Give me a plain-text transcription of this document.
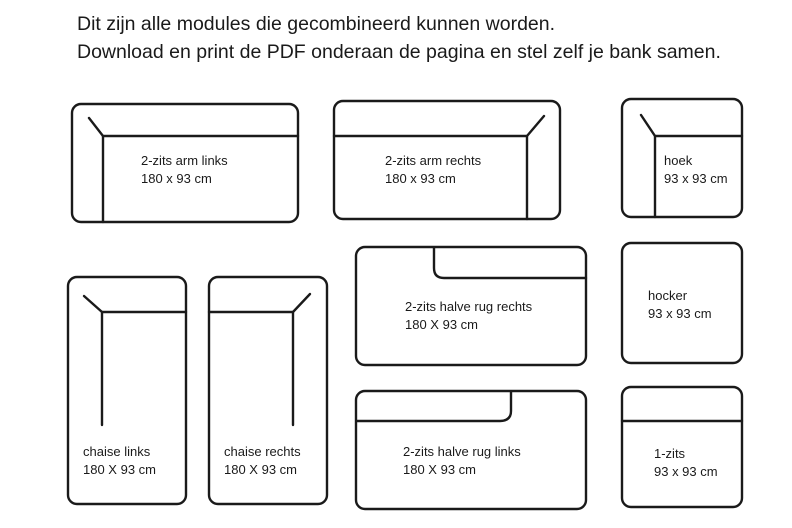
Dit zijn alle modules die gecombineerd kunnen worden.
Download en print de PDF onderaan de pagina en stel zelf je bank samen.
2-zits arm links
180 x 93 cm
2-zits arm rechts
180 x 93 cm
hoek
93 x 93 cm
chaise links
180 X 93 cm
chaise rechts
180 X 93 cm
2-zits halve rug rechts
180 X 93 cm
hocker
93 x 93 cm
2-zits halve rug links
180 X 93 cm
1-zits
93 x 93 cm
